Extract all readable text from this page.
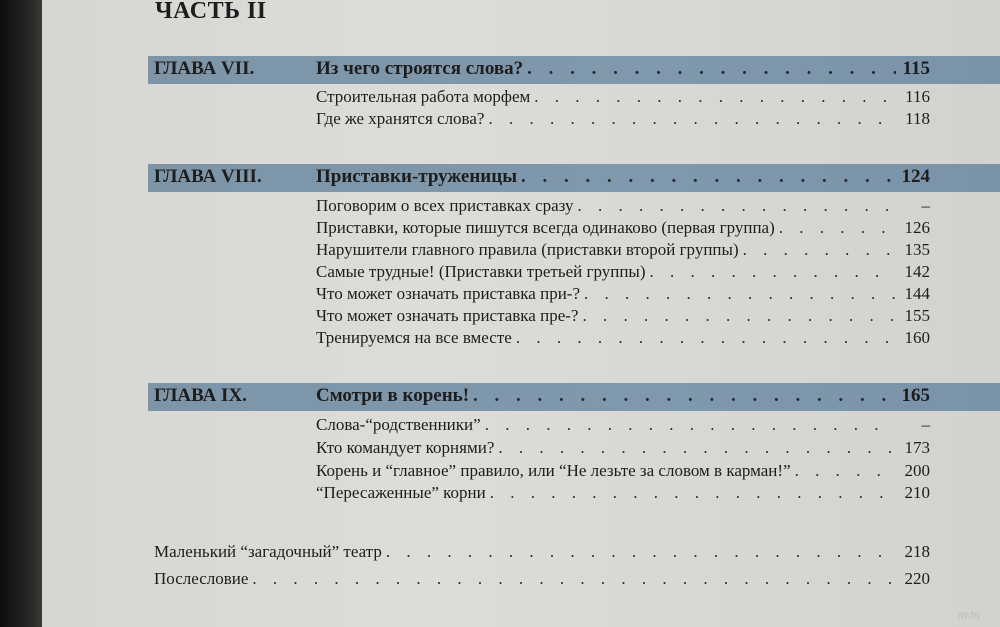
ЧАСТЬ II
ГЛАВА VII.	Из чего строятся слова? . . .	115
Строительная работа морфем . . .	116
Где же хранятся слова? . . .	118
ГЛАВА VIII.	Приставки-труженицы . . .	124
Поговорим о всех приставках сразу . . .	–
Приставки, которые пишутся всегда одинаково (первая группа) . . .	126
Нарушители главного правила (приставки второй группы) . . .	135
Самые трудные! (Приставки третьей группы) . . .	142
Что может означать приставка при-? . . .	144
Что может означать приставка пре-? . . .	155
Тренируемся на все вместе . . .	160
ГЛАВА IX.	Смотри в корень! . . .	165
Слова-“родственники” . . .	–
Кто командует корнями? . . .	173
Корень и “главное” правило, или “Не лезьте за словом в карман!” . . .	200
“Пересаженные” корни . . .	210
Маленький “загадочный” театр . . .	218
Послесловие . . .	220
ay.by
